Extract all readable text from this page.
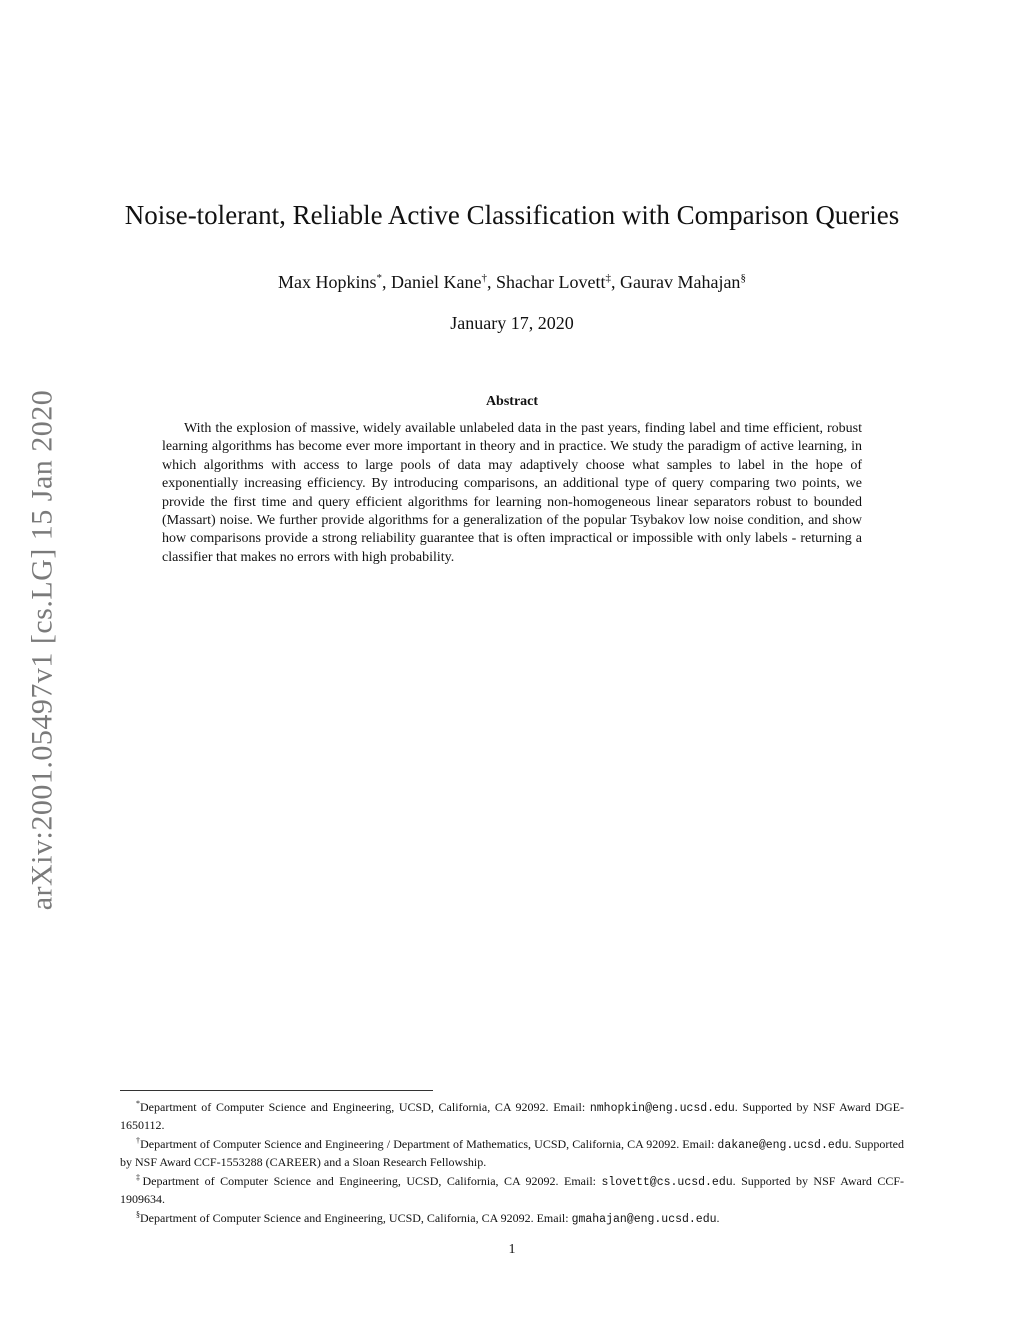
arXiv:2001.05497v1 [cs.LG] 15 Jan 2020
Noise-tolerant, Reliable Active Classification with Comparison Queries
Max Hopkins*, Daniel Kane†, Shachar Lovett‡, Gaurav Mahajan§
January 17, 2020
Abstract

With the explosion of massive, widely available unlabeled data in the past years, finding label and time efficient, robust learning algorithms has become ever more important in theory and in practice. We study the paradigm of active learning, in which algorithms with access to large pools of data may adaptively choose what samples to label in the hope of exponentially increasing efficiency. By introducing comparisons, an additional type of query comparing two points, we provide the first time and query efficient algorithms for learning non-homogeneous linear separators robust to bounded (Massart) noise. We further provide algorithms for a generalization of the popular Tsybakov low noise condition, and show how comparisons provide a strong reliability guarantee that is often impractical or impossible with only labels - returning a classifier that makes no errors with high probability.

*Department of Computer Science and Engineering, UCSD, California, CA 92092. Email: nmhopkin@eng.ucsd.edu. Supported by NSF Award DGE-1650112.

†Department of Computer Science and Engineering / Department of Mathematics, UCSD, California, CA 92092. Email: dakane@eng.ucsd.edu. Supported by NSF Award CCF-1553288 (CAREER) and a Sloan Research Fellowship.

‡Department of Computer Science and Engineering, UCSD, California, CA 92092. Email: slovett@cs.ucsd.edu. Supported by NSF Award CCF-1909634.

§Department of Computer Science and Engineering, UCSD, California, CA 92092. Email: gmahajan@eng.ucsd.edu.

1
